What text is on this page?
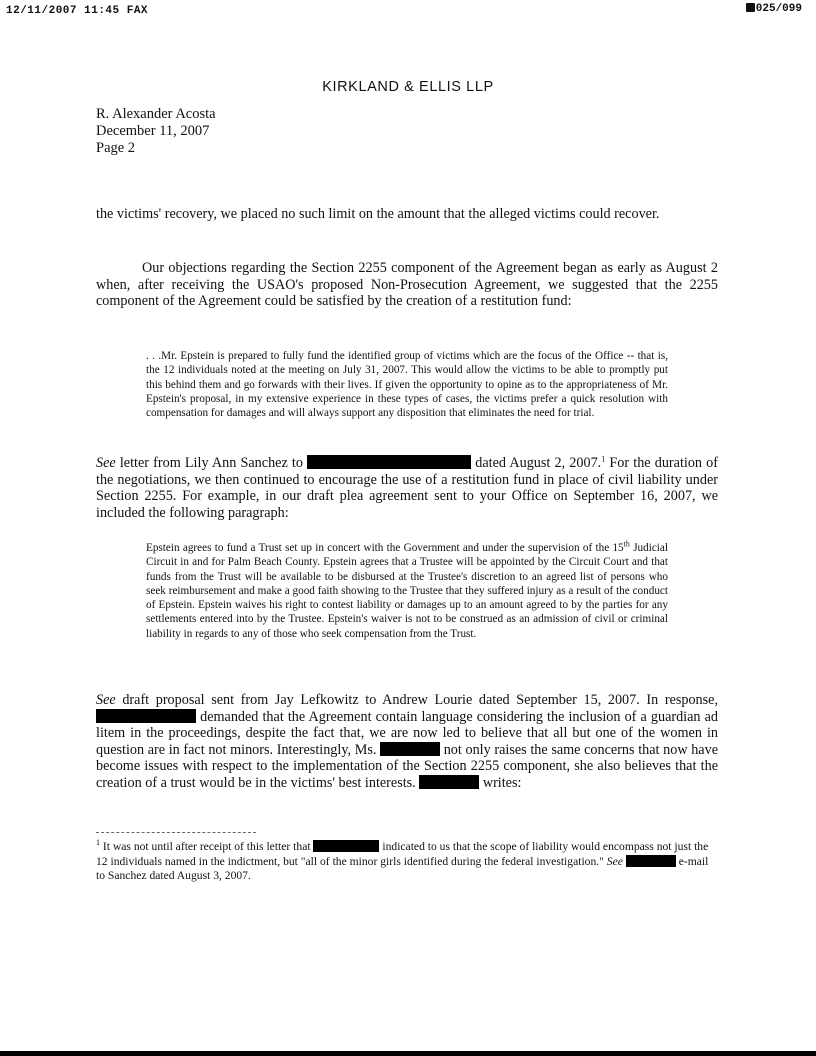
12/11/2007 11:45 FAX	025/099
KIRKLAND & ELLIS LLP
R. Alexander Acosta
December 11, 2007
Page 2
the victims' recovery, we placed no such limit on the amount that the alleged victims could recover.
Our objections regarding the Section 2255 component of the Agreement began as early as August 2 when, after receiving the USAO's proposed Non-Prosecution Agreement, we suggested that the 2255 component of the Agreement could be satisfied by the creation of a restitution fund:
. . .Mr. Epstein is prepared to fully fund the identified group of victims which are the focus of the Office -- that is, the 12 individuals noted at the meeting on July 31, 2007. This would allow the victims to be able to promptly put this behind them and go forwards with their lives. If given the opportunity to opine as to the appropriateness of Mr. Epstein's proposal, in my extensive experience in these types of cases, the victims prefer a quick resolution with compensation for damages and will always support any disposition that eliminates the need for trial.
See letter from Lily Ann Sanchez to	dated August 2, 2007.$^1$ For the duration of the negotiations, we then continued to encourage the use of a restitution fund in place of civil liability under Section 2255. For example, in our draft plea agreement sent to your Office on September 16, 2007, we included the following paragraph:
Epstein agrees to fund a Trust set up in concert with the Government and under the supervision of the 15th Judicial Circuit in and for Palm Beach County. Epstein agrees that a Trustee will be appointed by the Circuit Court and that funds from the Trust will be available to be disbursed at the Trustee's discretion to an agreed list of persons who seek reimbursement and make a good faith showing to the Trustee that they suffered injury as a result of the conduct of Epstein. Epstein waives his right to contest liability or damages up to an amount agreed to by the parties for any settlements entered into by the Trustee. Epstein's waiver is not to be construed as an admission of civil or criminal liability in regards to any of those who seek compensation from the Trust.
See draft proposal sent from Jay Lefkowitz to Andrew Lourie dated September 15, 2007. In response,  demanded that the Agreement contain language considering the inclusion of a guardian ad litem in the proceedings, despite the fact that, we are now led to believe that all but one of the women in question are in fact not minors. Interestingly, Ms.	not only raises the same concerns that now have become issues with respect to the implementation of the Section 2255 component, she also believes that the creation of a trust would be in the victims' best interests.	writes:
$^1$ It was not until after receipt of this letter that	indicated to us that the scope of liability would encompass not just the 12 individuals named in the indictment, but "all of the minor girls identified during the federal investigation." See	e-mail to Sanchez dated August 3, 2007.
